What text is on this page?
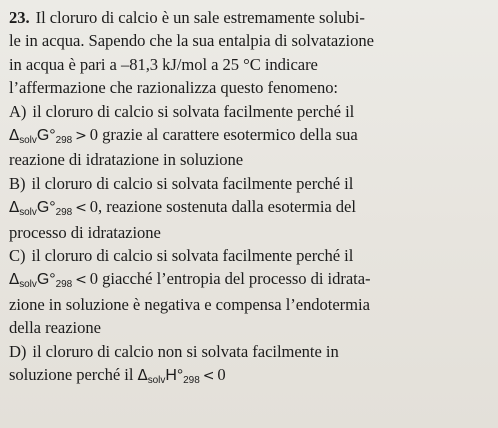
23. Il cloruro di calcio è un sale estremamente solubi-
le in acqua. Sapendo che la sua entalpia di solvatazione
in acqua è pari a –81,3 kJ/mol a 25 °C indicare
l’affermazione che razionalizza questo fenomeno:
A) il cloruro di calcio si solvata facilmente perché il
$\Delta_{solv}G^\circ_{298} > 0$ grazie al carattere esotermico della sua
reazione di idratazione in soluzione
B) il cloruro di calcio si solvata facilmente perché il
$\Delta_{solv}G^\circ_{298} < 0$, reazione sostenuta dalla esotermia del
processo di idratazione
C) il cloruro di calcio si solvata facilmente perché il
$\Delta_{solv}G^\circ_{298} < 0$ giacché l’entropia del processo di idrata-
zione in soluzione è negativa e compensa l’endotermia
della reazione
D) il cloruro di calcio non si solvata facilmente in
soluzione perché il $\Delta_{solv}H^\circ_{298} < 0$
